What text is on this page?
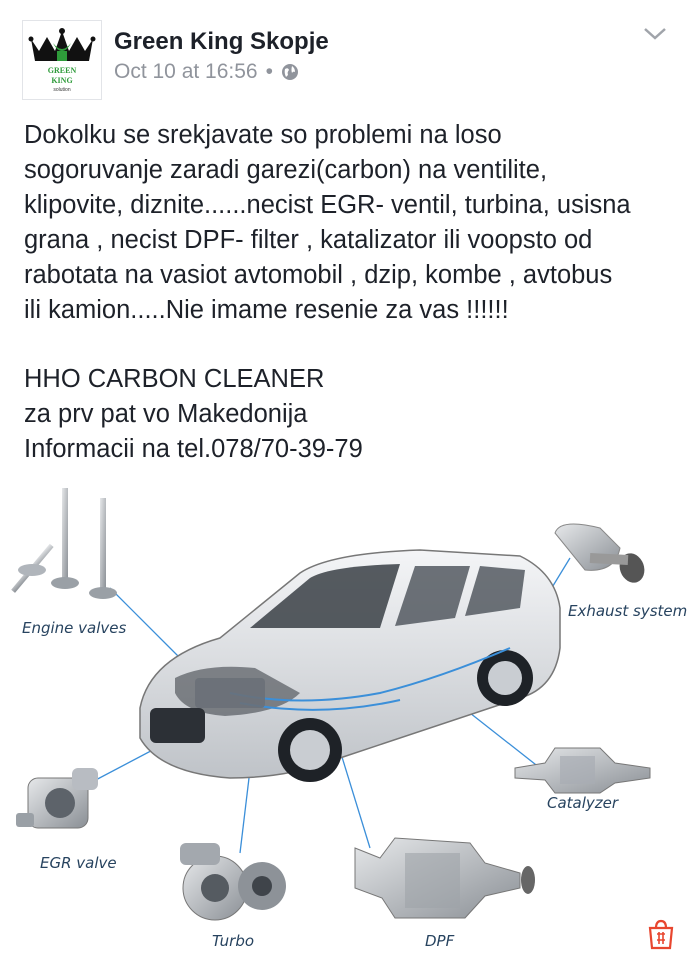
GREEN
KING
solution
Green King Skopje
Oct 10 at 16:56 •
Dokolku se srekjavate so problemi na loso
sogoruvanje zaradi garezi(carbon) na ventilite,
klipovite, diznite......necist EGR- ventil, turbina, usisna
grana , necist DPF- filter , katalizator ili voopsto od
rabotata na vasiot avtomobil , dzip, kombe , avtobus
ili kamion.....Nie imame resenie za vas !!!!!!
HHO CARBON CLEANER
za prv pat vo Makedonija
Informacii na tel.078/70-39-79
Engine valves
Exhaust system
Catalyzer
EGR valve
Turbo	DPF
